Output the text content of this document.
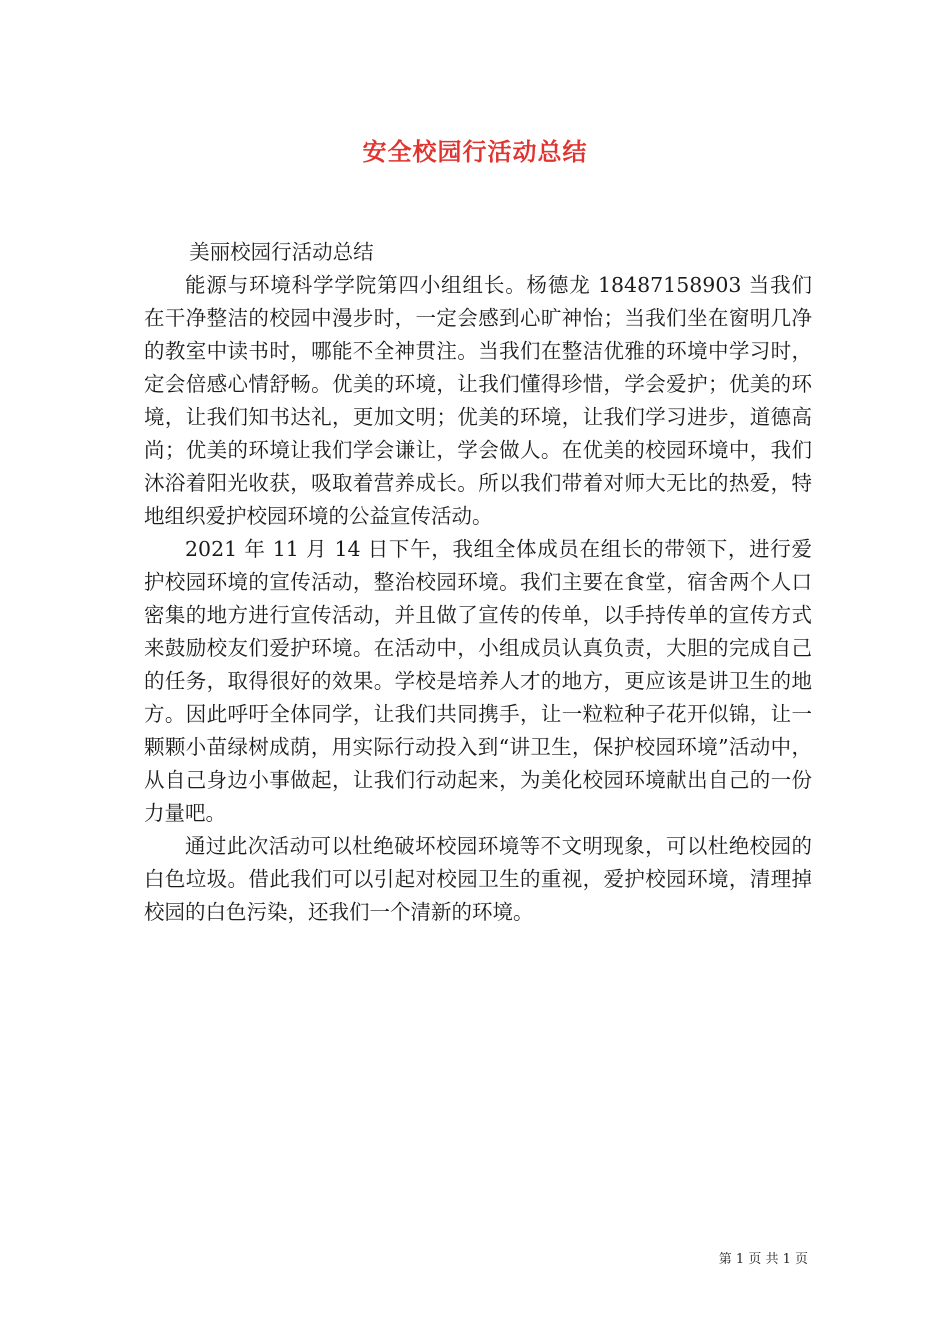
安全校园行活动总结

美丽校园行活动总结

能源与环境科学学院第四小组组长。杨德龙 18487158903 当我们在干净整洁的校园中漫步时，一定会感到心旷神怡；当我们坐在窗明几净的教室中读书时，哪能不全神贯注。当我们在整洁优雅的环境中学习时，定会倍感心情舒畅。优美的环境，让我们懂得珍惜，学会爱护；优美的环境，让我们知书达礼，更加文明；优美的环境，让我们学习进步，道德高尚；优美的环境让我们学会谦让，学会做人。在优美的校园环境中，我们沐浴着阳光收获，吸取着营养成长。所以我们带着对师大无比的热爱，特地组织爱护校园环境的公益宣传活动。

2021 年 11 月 14 日下午，我组全体成员在组长的带领下，进行爱护校园环境的宣传活动，整治校园环境。我们主要在食堂，宿舍两个人口密集的地方进行宣传活动，并且做了宣传的传单，以手持传单的宣传方式来鼓励校友们爱护环境。在活动中，小组成员认真负责，大胆的完成自己的任务，取得很好的效果。学校是培养人才的地方，更应该是讲卫生的地方。因此呼吁全体同学，让我们共同携手，让一粒粒种子花开似锦，让一颗颗小苗绿树成荫，用实际行动投入到“讲卫生，保护校园环境”活动中，从自己身边小事做起，让我们行动起来，为美化校园环境献出自己的一份力量吧。

通过此次活动可以杜绝破坏校园环境等不文明现象，可以杜绝校园的白色垃圾。借此我们可以引起对校园卫生的重视，爱护校园环境，清理掉校园的白色污染，还我们一个清新的环境。

第 1 页 共 1 页
